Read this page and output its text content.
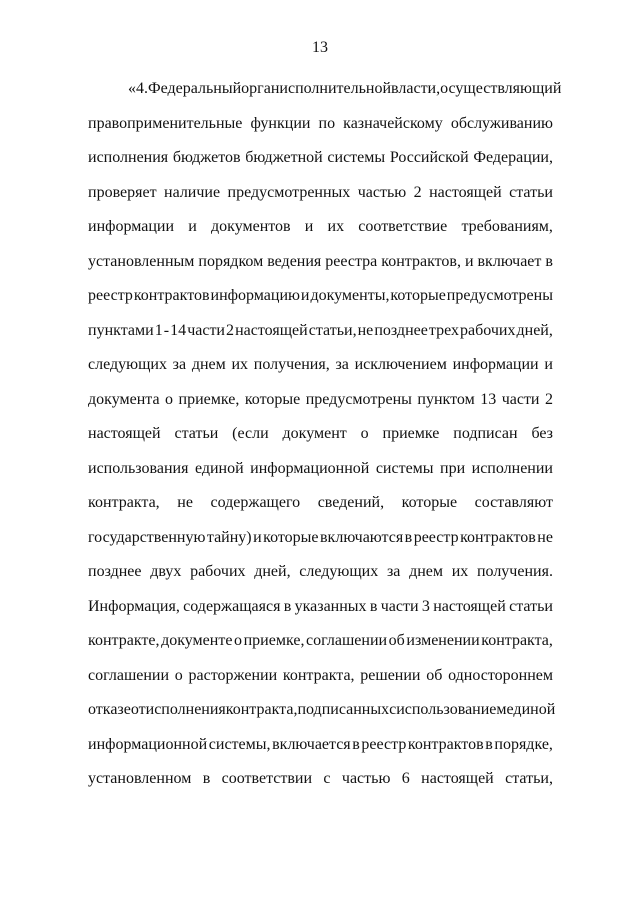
13
«4. Федеральный орган исполнительной власти, осуществляющий
правоприменительные функции по казначейскому обслуживанию
исполнения бюджетов бюджетной системы Российской Федерации,
проверяет наличие предусмотренных частью 2 настоящей статьи
информации и документов и их соответствие требованиям,
установленным порядком ведения реестра контрактов, и включает в
реестр контрактов информацию и документы, которые предусмотрены
пунктами 1 - 14 части 2 настоящей статьи, не позднее трех рабочих дней,
следующих за днем их получения, за исключением информации и
документа о приемке, которые предусмотрены пунктом 13 части 2
настоящей статьи (если документ о приемке подписан без
использования единой информационной системы при исполнении
контракта, не содержащего сведений, которые составляют
государственную тайну) и которые включаются в реестр контрактов не
позднее двух рабочих дней, следующих за днем их получения.
Информация, содержащаяся в указанных в части 3 настоящей статьи
контракте, документе о приемке, соглашении об изменении контракта,
соглашении о расторжении контракта, решении об одностороннем
отказе от исполнения контракта, подписанных с использованием единой
информационной системы, включается в реестр контрактов в порядке,
установленном в соответствии с частью 6 настоящей статьи,
